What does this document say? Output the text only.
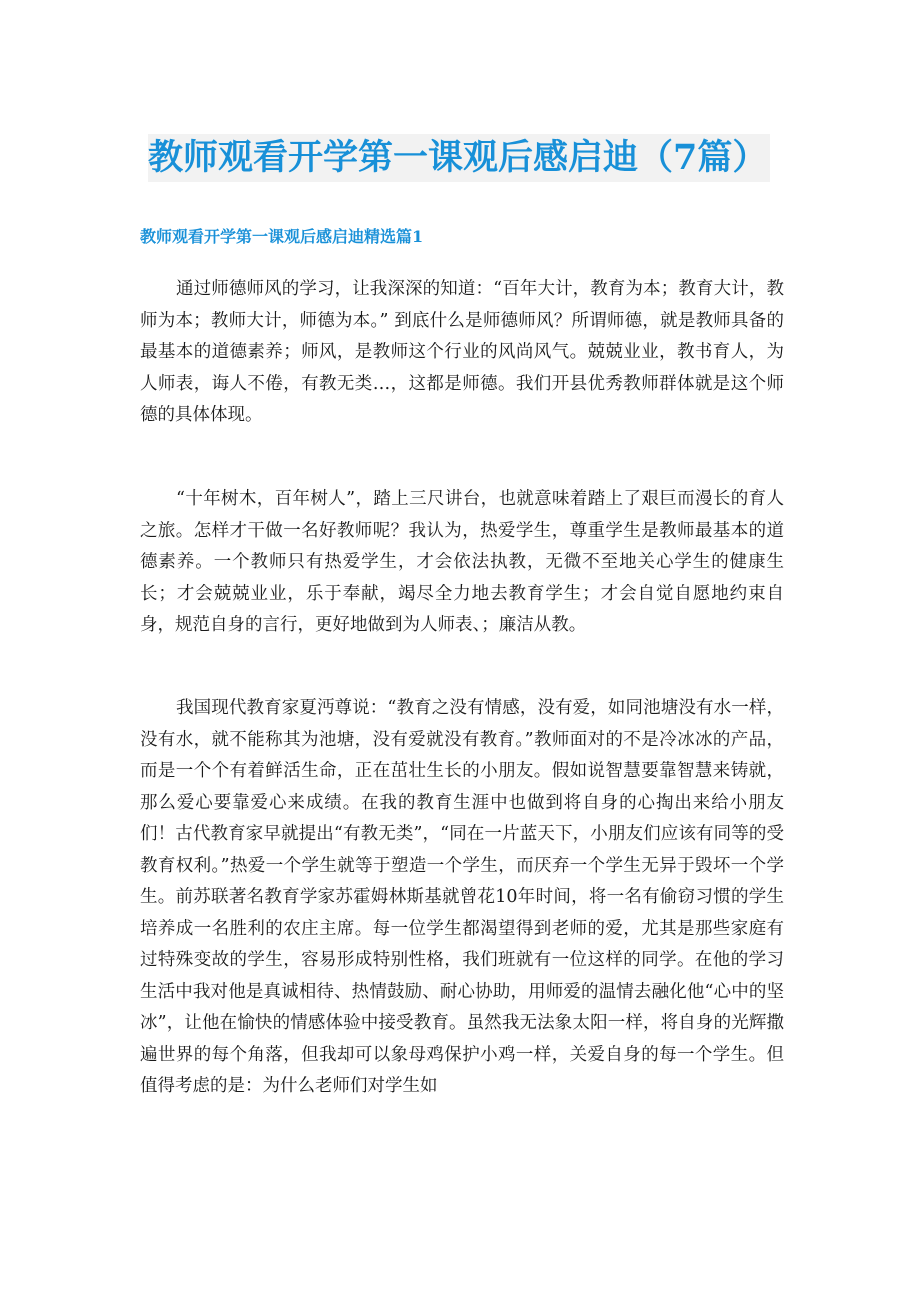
教师观看开学第一课观后感启迪（7篇）
教师观看开学第一课观后感启迪精选篇1

通过师德师风的学习，让我深深的知道：“百年大计，教育为本；教育大计，教师为本；教师大计，师德为本。” 到底什么是师德师风？所谓师德，就是教师具备的最基本的道德素养；师风，是教师这个行业的风尚风气。兢兢业业，教书育人，为人师表，诲人不倦，有教无类…，这都是师德。我们开县优秀教师群体就是这个师德的具体体现。

“十年树木，百年树人”，踏上三尺讲台，也就意味着踏上了艰巨而漫长的育人之旅。怎样才干做一名好教师呢？我认为，热爱学生，尊重学生是教师最基本的道德素养。一个教师只有热爱学生，才会依法执教，无微不至地关心学生的健康生长；才会兢兢业业，乐于奉献，竭尽全力地去教育学生；才会自觉自愿地约束自身，规范自身的言行，更好地做到为人师表、；廉洁从教。

我国现代教育家夏沔尊说：“教育之没有情感，没有爱，如同池塘没有水一样，没有水，就不能称其为池塘，没有爱就没有教育。”教师面对的不是冷冰冰的产品，而是一个个有着鲜活生命，正在茁壮生长的小朋友。假如说智慧要靠智慧来铸就，那么爱心要靠爱心来成绩。在我的教育生涯中也做到将自身的心掏出来给小朋友们！古代教育家早就提出“有教无类”，“同在一片蓝天下，小朋友们应该有同等的受教育权利。”热爱一个学生就等于塑造一个学生，而厌弃一个学生无异于毁坏一个学生。前苏联著名教育学家苏霍姆林斯基就曾花10年时间，将一名有偷窃习惯的学生培养成一名胜利的农庄主席。每一位学生都渴望得到老师的爱，尤其是那些家庭有过特殊变故的学生，容易形成特别性格，我们班就有一位这样的同学。在他的学习生活中我对他是真诚相待、热情鼓励、耐心协助，用师爱的温情去融化他“心中的坚冰”，让他在愉快的情感体验中接受教育。虽然我无法象太阳一样，将自身的光辉撒遍世界的每个角落，但我却可以象母鸡保护小鸡一样，关爱自身的每一个学生。但值得考虑的是：为什么老师们对学生如
